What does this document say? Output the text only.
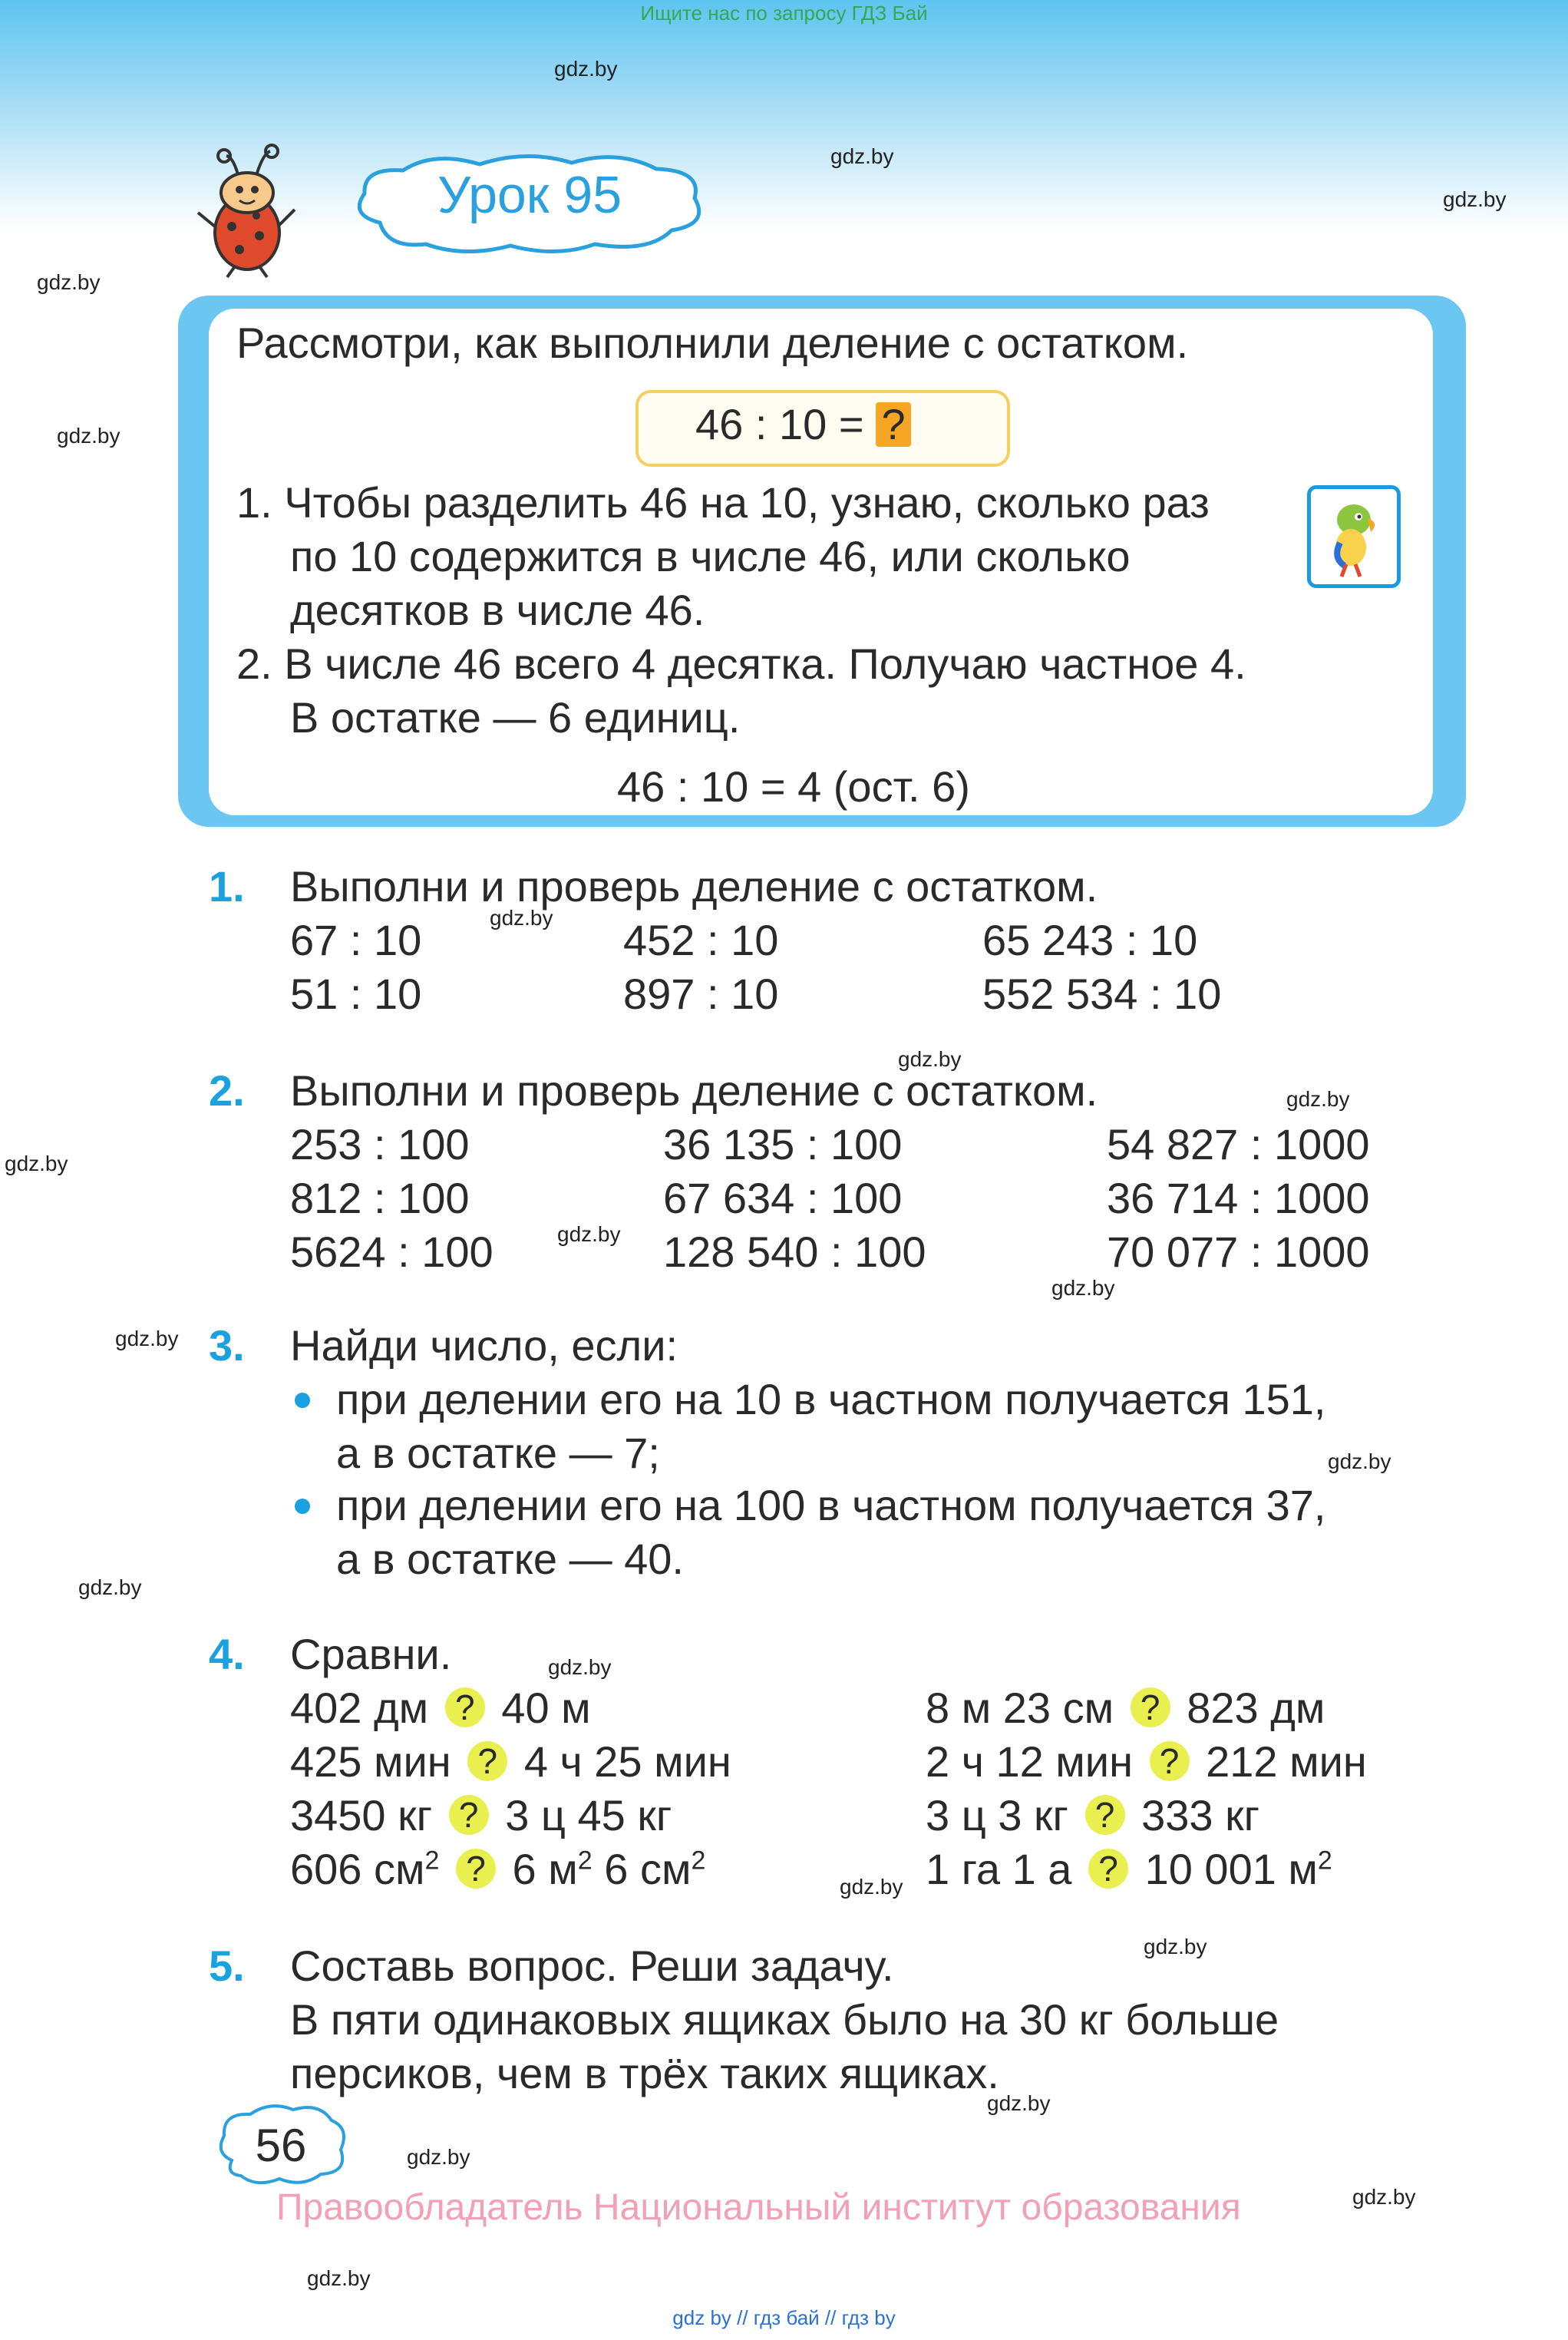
Ищите нас по запросу ГДЗ Бай
gdz.by
gdz.by
gdz.by
gdz.by
gdz.by
gdz.by
gdz.by
gdz.by
gdz.by
gdz.by
gdz.by
gdz.by
gdz.by
gdz.by
gdz.by
gdz.by
gdz.by
gdz.by
gdz.by
gdz.by
gdz.by
Урок 95
Рассмотри, как выполнили деление с остатком.
46 : 10 = ?
1. Чтобы разделить 46 на 10, узнаю, сколько раз
по 10 содержится в числе 46, или сколько
десятков в числе 46.
2. В числе 46 всего 4 десятка. Получаю частное 4.
В остатке — 6 единиц.
46 : 10 = 4 (ост. 6)
1. Выполни и проверь деление с остатком.
67 : 10
51 : 10
452 : 10
897 : 10
65 243 : 10
552 534 : 10
2. Выполни и проверь деление с остатком.
253 : 100
812 : 100
5624 : 100
36 135 : 100
67 634 : 100
128 540 : 100
54 827 : 1000
36 714 : 1000
70 077 : 1000
3. Найди число, если:
при делении его на 10 в частном получается 151,
а в остатке — 7;
при делении его на 100 в частном получается 37,
а в остатке — 40.
4. Сравни.
402 дм ? 40 м
425 мин ? 4 ч 25 мин
3450 кг ? 3 ц 45 кг
606 $см^2$ ? 6 $м^2$ 6 $см^2$
8 м 23 см ? 823 дм
2 ч 12 мин ? 212 мин
3 ц 3 кг ? 333 кг
1 га 1 а ? 10 001 $м^2$
5. Составь вопрос. Реши задачу.
В пяти одинаковых ящиках было на 30 кг больше
персиков, чем в трёх таких ящиках.
56
Правообладатель Национальный институт образования
gdz by // гдз бай // гдз by
